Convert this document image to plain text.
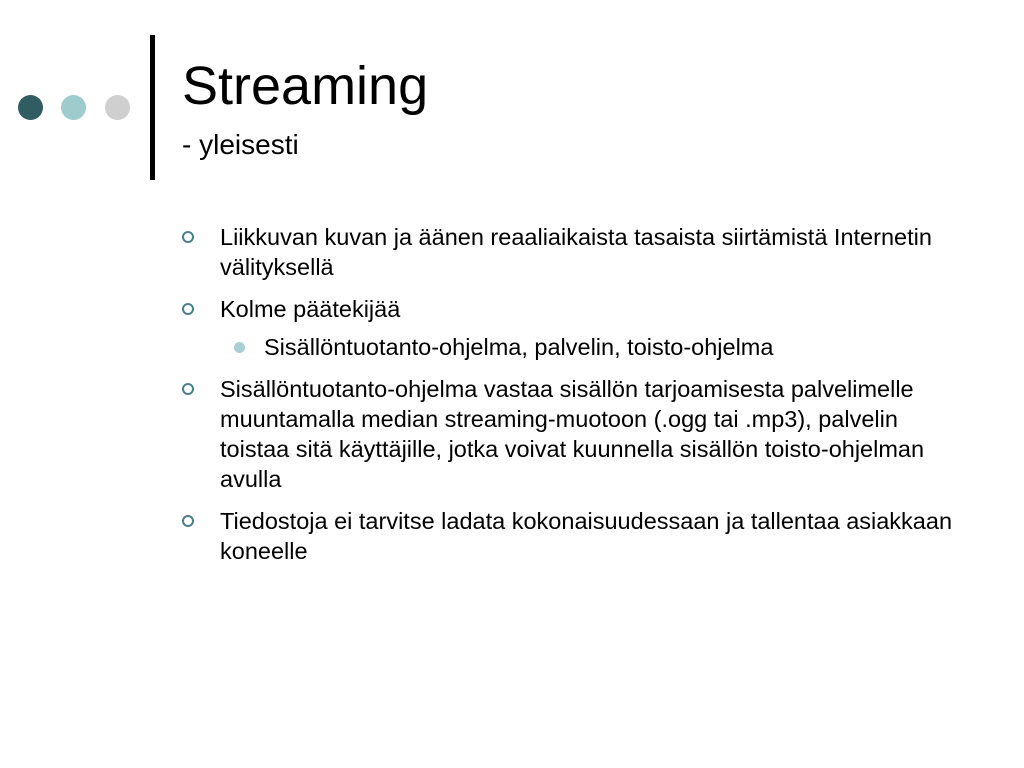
Streaming
- yleisesti
Liikkuvan kuvan ja äänen reaaliaikaista tasaista siirtämistä Internetin välityksellä
Kolme päätekijää
Sisällöntuotanto-ohjelma, palvelin, toisto-ohjelma
Sisällöntuotanto-ohjelma vastaa sisällön tarjoamisesta palvelimelle muuntamalla median streaming-muotoon (.ogg tai .mp3), palvelin toistaa sitä käyttäjille, jotka voivat kuunnella sisällön toisto-ohjelman avulla
Tiedostoja ei tarvitse ladata kokonaisuudessaan ja tallentaa asiakkaan koneelle
